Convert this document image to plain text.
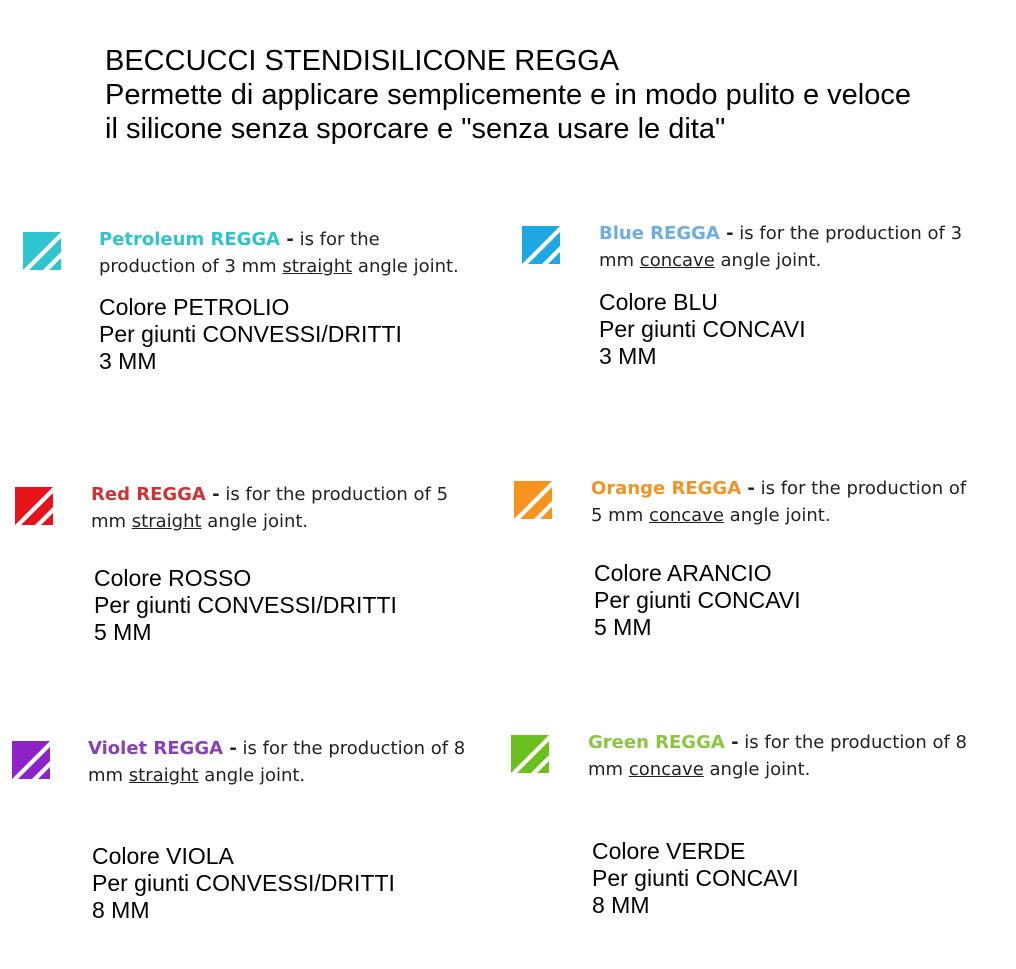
BECCUCCI STENDISILICONE REGGA
Permette di applicare semplicemente e in modo pulito e veloce
il silicone senza sporcare e "senza usare le dita"
Petroleum REGGA - is for the production of 3 mm straight angle joint.
Colore PETROLIO
Per giunti CONVESSI/DRITTI
3 MM
Blue REGGA - is for the production of 3 mm concave angle joint.
Colore BLU
Per giunti CONCAVI
3 MM
Red REGGA - is for the production of 5 mm straight angle joint.
Colore ROSSO
Per giunti CONVESSI/DRITTI
5 MM
Orange REGGA - is for the production of 5 mm concave angle joint.
Colore ARANCIO
Per giunti CONCAVI
5 MM
Violet REGGA - is for the production of 8 mm straight angle joint.
Colore VIOLA
Per giunti CONVESSI/DRITTI
8 MM
Green REGGA - is for the production of 8 mm concave angle joint.
Colore VERDE
Per giunti CONCAVI
8 MM
